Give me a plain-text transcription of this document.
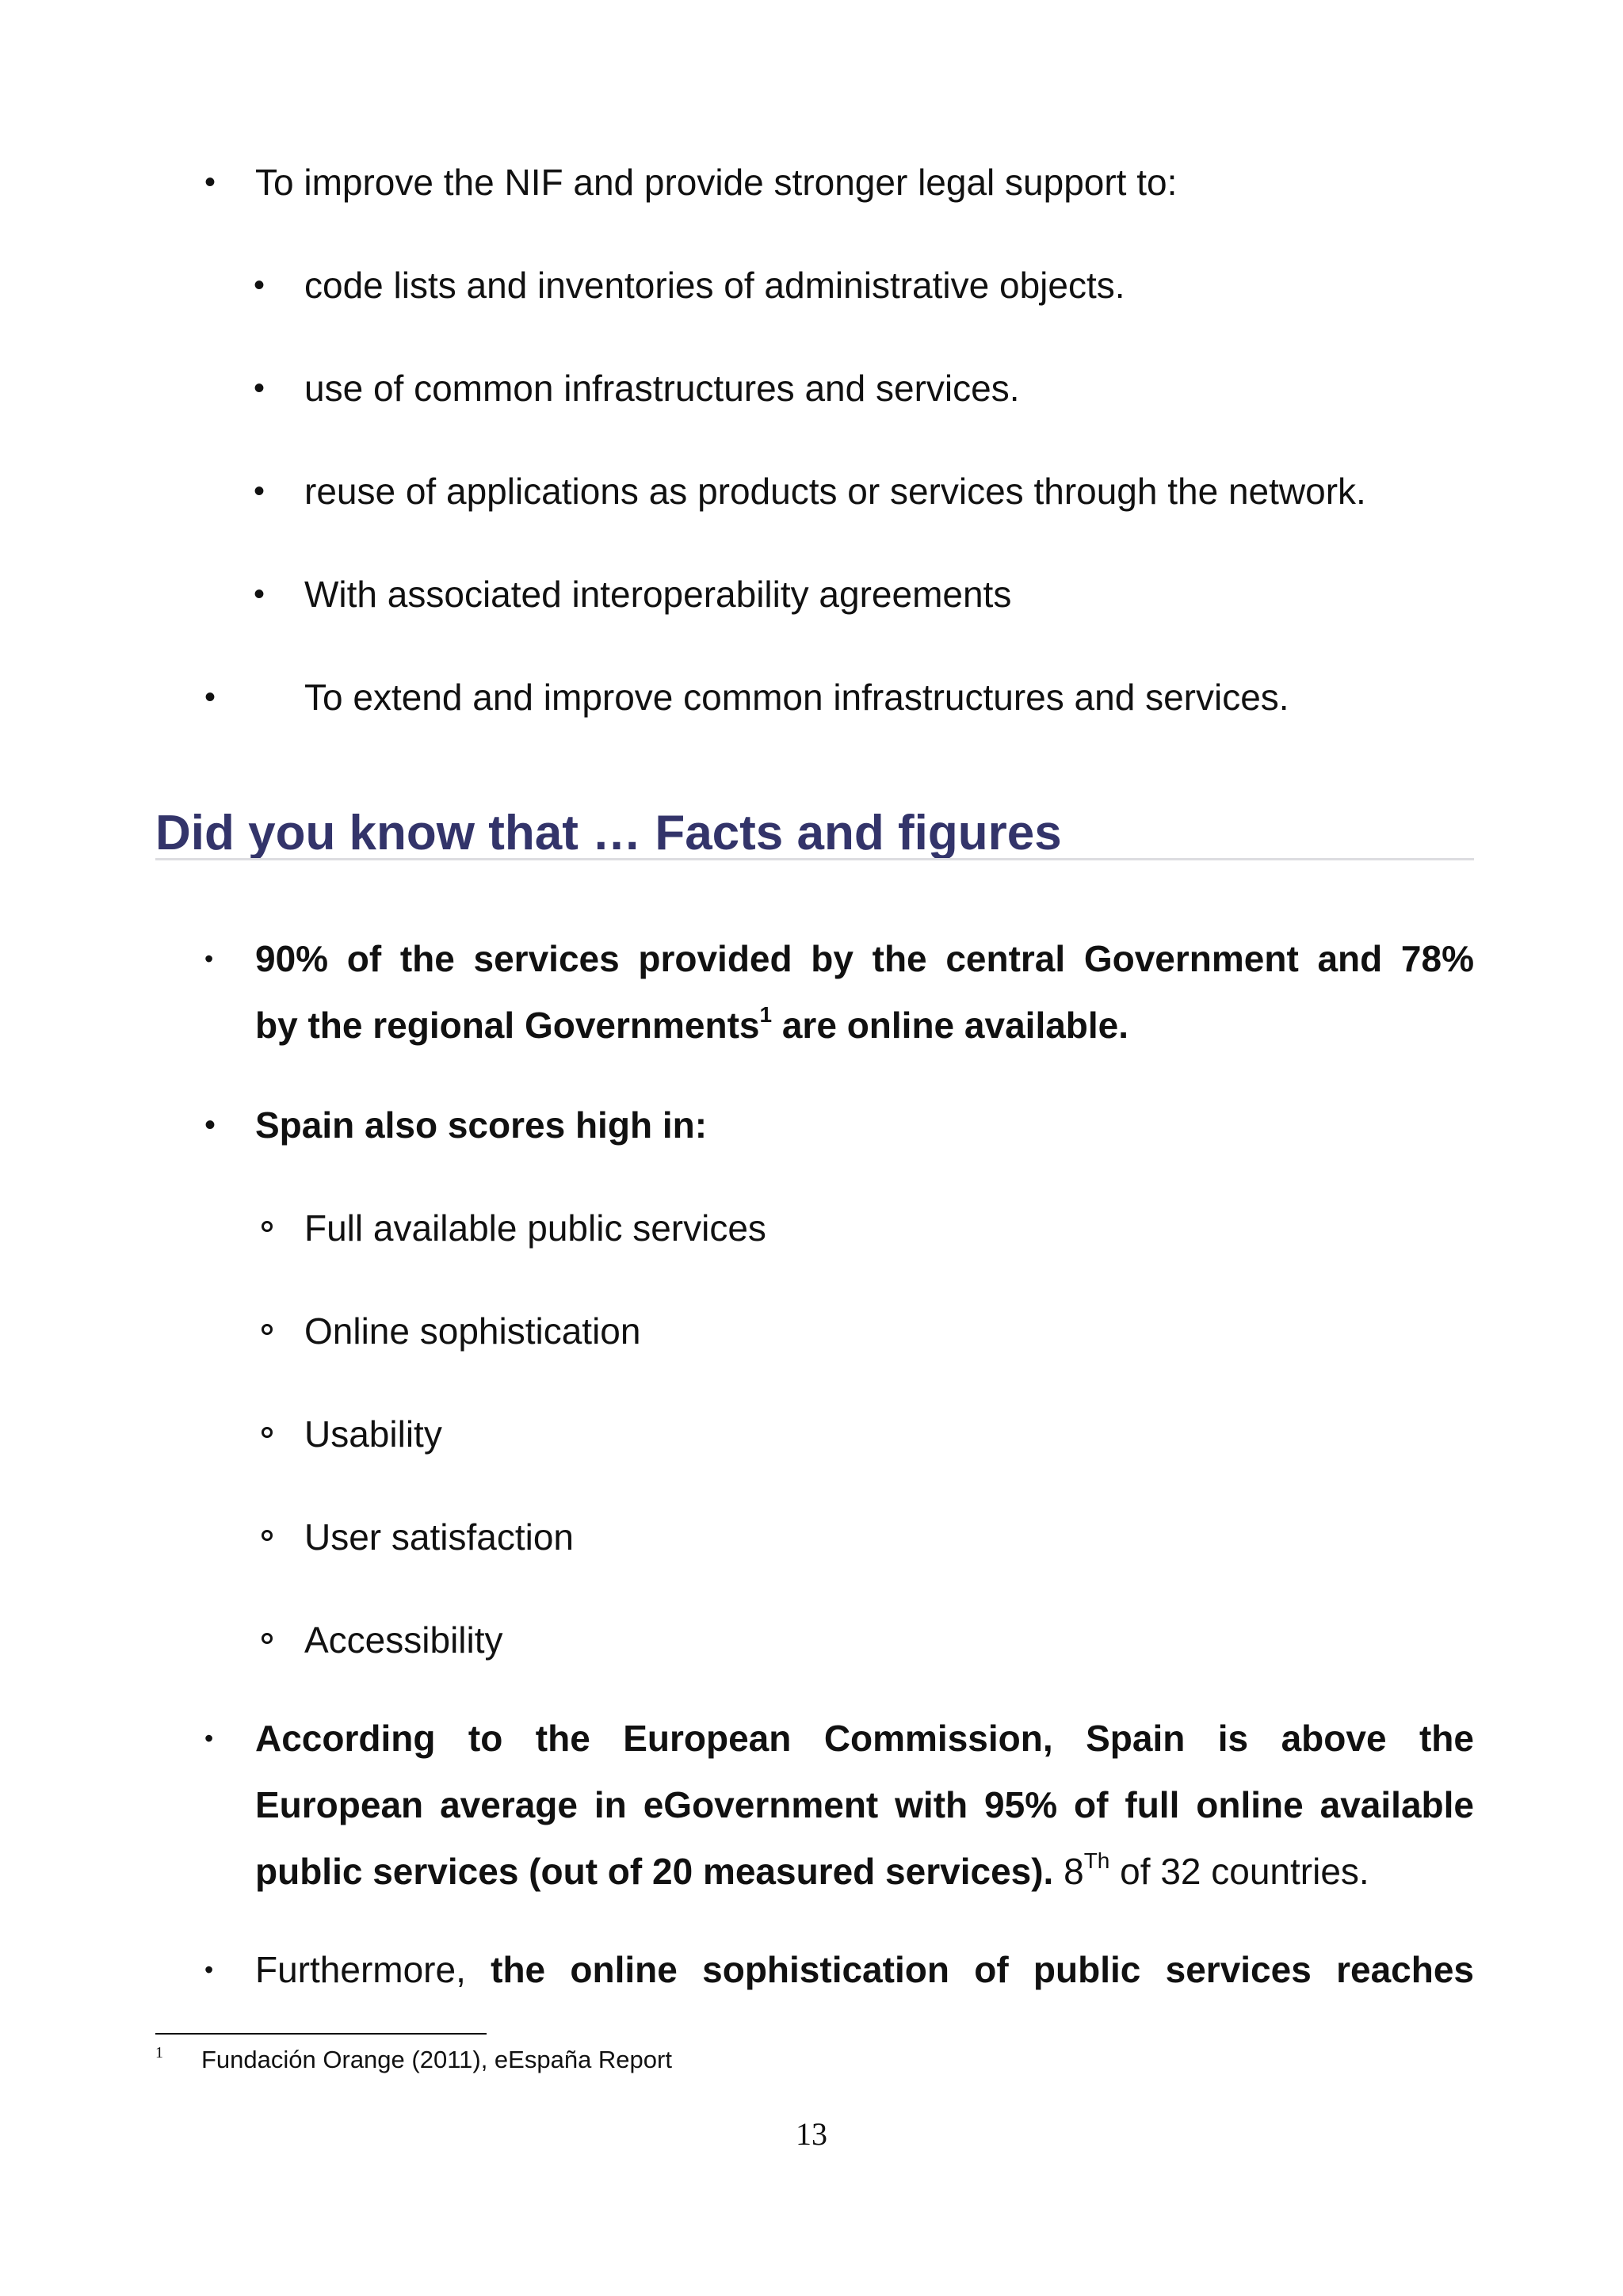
• To improve the NIF and provide stronger legal support to:
• code lists and inventories of administrative objects.
• use of common infrastructures and services.
• reuse of applications as products or services through the network.
• With associated interoperability agreements
• To extend and improve common infrastructures and services.
Did you know that … Facts and figures
• 90% of the services provided by the central Government and 78%
by the regional Governments$^1$ are online available.
• Spain also scores high in:
Full available public services
Online sophistication
Usability
User satisfaction
Accessibility
• According to the European Commission, Spain is above the
European average in eGovernment with 95% of full online available
public services (out of 20 measured services). 8Th of 32 countries.
• Furthermore, the online sophistication of public services reaches
1 Fundación Orange (2011), eEspaña Report
13
